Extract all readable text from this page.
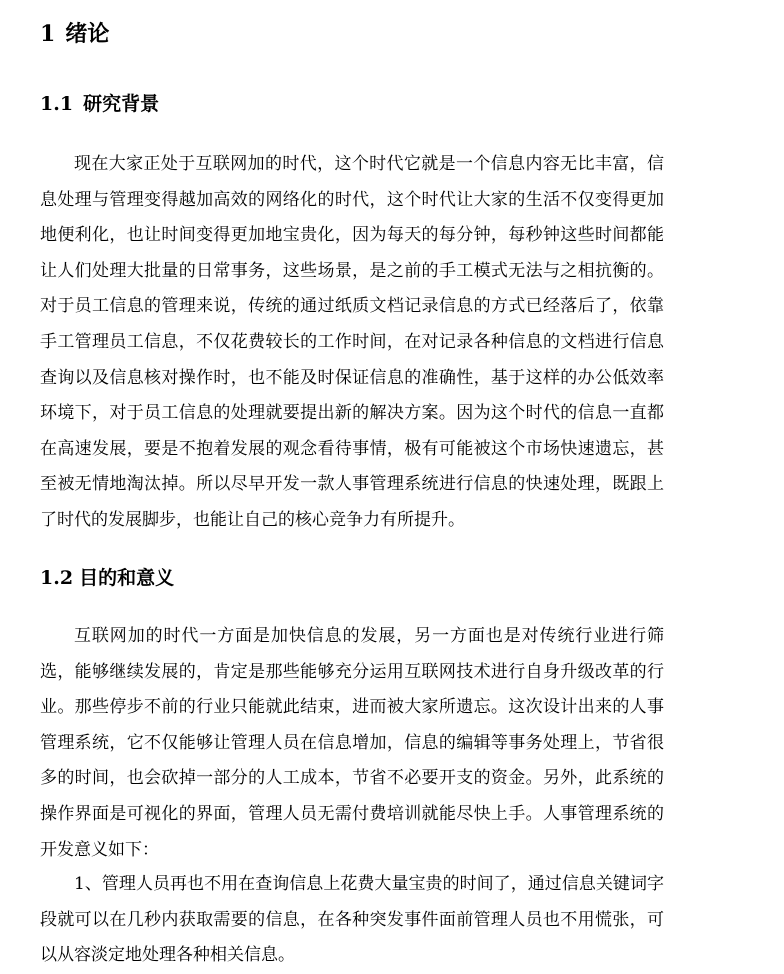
1 绪论
1.1 研究背景

现在大家正处于互联网加的时代，这个时代它就是一个信息内容无比丰富，信息处理与管理变得越加高效的网络化的时代，这个时代让大家的生活不仅变得更加地便利化，也让时间变得更加地宝贵化，因为每天的每分钟，每秒钟这些时间都能让人们处理大批量的日常事务，这些场景，是之前的手工模式无法与之相抗衡的。对于员工信息的管理来说，传统的通过纸质文档记录信息的方式已经落后了，依靠手工管理员工信息，不仅花费较长的工作时间，在对记录各种信息的文档进行信息查询以及信息核对操作时，也不能及时保证信息的准确性，基于这样的办公低效率环境下，对于员工信息的处理就要提出新的解决方案。因为这个时代的信息一直都在高速发展，要是不抱着发展的观念看待事情，极有可能被这个市场快速遗忘，甚至被无情地淘汰掉。所以尽早开发一款人事管理系统进行信息的快速处理，既跟上了时代的发展脚步，也能让自己的核心竞争力有所提升。

1.2 目的和意义

互联网加的时代一方面是加快信息的发展，另一方面也是对传统行业进行筛选，能够继续发展的，肯定是那些能够充分运用互联网技术进行自身升级改革的行业。那些停步不前的行业只能就此结束，进而被大家所遗忘。这次设计出来的人事管理系统，它不仅能够让管理人员在信息增加，信息的编辑等事务处理上，节省很多的时间，也会砍掉一部分的人工成本，节省不必要开支的资金。另外，此系统的操作界面是可视化的界面，管理人员无需付费培训就能尽快上手。人事管理系统的开发意义如下：

1、管理人员再也不用在查询信息上花费大量宝贵的时间了，通过信息关键词字段就可以在几秒内获取需要的信息，在各种突发事件面前管理人员也不用慌张，可以从容淡定地处理各种相关信息。
